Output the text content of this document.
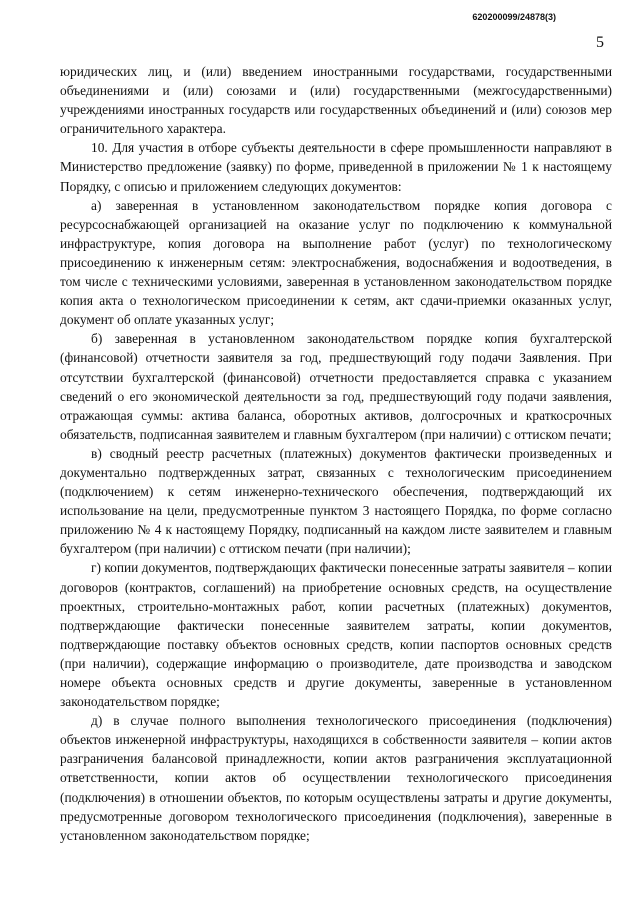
620200099/24878(3)
5

юридических лиц, и (или) введением иностранными государствами, государственными объединениями и (или) союзами и (или) государственными (межгосударственными) учреждениями иностранных государств или государственных объединений и (или) союзов мер ограничительного характера.

10. Для участия в отборе субъекты деятельности в сфере промышленности направляют в Министерство предложение (заявку) по форме, приведенной в приложении № 1 к настоящему Порядку, с описью и приложением следующих документов:

а) заверенная в установленном законодательством порядке копия договора с ресурсоснабжающей организацией на оказание услуг по подключению к коммунальной инфраструктуре, копия договора на выполнение работ (услуг) по технологическому присоединению к инженерным сетям: электроснабжения, водоснабжения и водоотведения, в том числе с техническими условиями, заверенная в установленном законодательством порядке копия акта о технологическом присоединении к сетям, акт сдачи-приемки оказанных услуг, документ об оплате указанных услуг;

б) заверенная в установленном законодательством порядке копия бухгалтерской (финансовой) отчетности заявителя за год, предшествующий году подачи Заявления. При отсутствии бухгалтерской (финансовой) отчетности предоставляется справка с указанием сведений о его экономической деятельности за год, предшествующий году подачи заявления, отражающая суммы: актива баланса, оборотных активов, долгосрочных и краткосрочных обязательств, подписанная заявителем и главным бухгалтером (при наличии) с оттиском печати;

в) сводный реестр расчетных (платежных) документов фактически произведенных и документально подтвержденных затрат, связанных с технологическим присоединением (подключением) к сетям инженерно-технического обеспечения, подтверждающий их использование на цели, предусмотренные пунктом 3 настоящего Порядка, по форме согласно приложению № 4 к настоящему Порядку, подписанный на каждом листе заявителем и главным бухгалтером (при наличии) с оттиском печати (при наличии);

г) копии документов, подтверждающих фактически понесенные затраты заявителя – копии договоров (контрактов, соглашений) на приобретение основных средств, на осуществление проектных, строительно-монтажных работ, копии расчетных (платежных) документов, подтверждающие фактически понесенные заявителем затраты, копии документов, подтверждающие поставку объектов основных средств, копии паспортов основных средств (при наличии), содержащие информацию о производителе, дате производства и заводском номере объекта основных средств и другие документы, заверенные в установленном законодательством порядке;

д) в случае полного выполнения технологического присоединения (подключения) объектов инженерной инфраструктуры, находящихся в собственности заявителя – копии актов разграничения балансовой принадлежности, копии актов разграничения эксплуатационной ответственности, копии актов об осуществлении технологического присоединения (подключения) в отношении объектов, по которым осуществлены затраты и другие документы, предусмотренные договором технологического присоединения (подключения), заверенные в установленном законодательством порядке;
